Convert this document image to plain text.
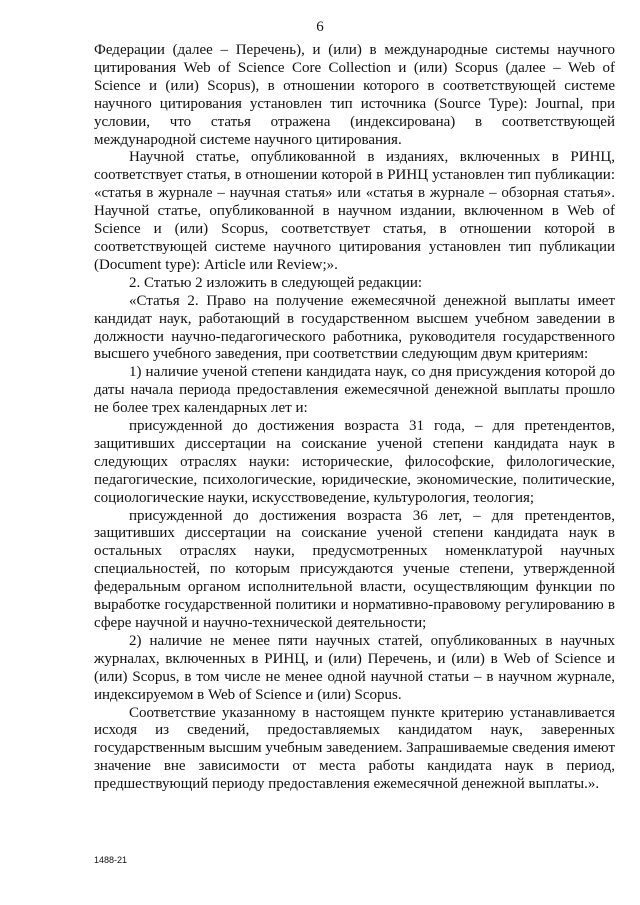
6

Федерации (далее – Перечень), и (или) в международные системы научного цитирования Web of Science Core Collection и (или) Scopus (далее – Web of Science и (или) Scopus), в отношении которого в соответствующей системе научного цитирования установлен тип источника (Source Type): Journal, при условии, что статья отражена (индексирована) в соответствующей международной системе научного цитирования.

Научной статье, опубликованной в изданиях, включенных в РИНЦ, соответствует статья, в отношении которой в РИНЦ установлен тип публикации: «статья в журнале – научная статья» или «статья в журнале – обзорная статья». Научной статье, опубликованной в научном издании, включенном в Web of Science и (или) Scopus, соответствует статья, в отношении которой в соответствующей системе научного цитирования установлен тип публикации (Document type): Article или Review;».

2. Статью 2 изложить в следующей редакции:

«Статья 2. Право на получение ежемесячной денежной выплаты имеет кандидат наук, работающий в государственном высшем учебном заведении в должности научно-педагогического работника, руководителя государственного высшего учебного заведения, при соответствии следующим двум критериям:

1) наличие ученой степени кандидата наук, со дня присуждения которой до даты начала периода предоставления ежемесячной денежной выплаты прошло не более трех календарных лет и:

присужденной до достижения возраста 31 года, – для претендентов, защитивших диссертации на соискание ученой степени кандидата наук в следующих отраслях науки: исторические, философские, филологические, педагогические, психологические, юридические, экономические, политические, социологические науки, искусствоведение, культурология, теология;

присужденной до достижения возраста 36 лет, – для претендентов, защитивших диссертации на соискание ученой степени кандидата наук в остальных отраслях науки, предусмотренных номенклатурой научных специальностей, по которым присуждаются ученые степени, утвержденной федеральным органом исполнительной власти, осуществляющим функции по выработке государственной политики и нормативно-правовому регулированию в сфере научной и научно-технической деятельности;

2) наличие не менее пяти научных статей, опубликованных в научных журналах, включенных в РИНЦ, и (или) Перечень, и (или) в Web of Science и (или) Scopus, в том числе не менее одной научной статьи – в научном журнале, индексируемом в Web of Science и (или) Scopus.

Соответствие указанному в настоящем пункте критерию устанавливается исходя из сведений, предоставляемых кандидатом наук, заверенных государственным высшим учебным заведением. Запрашиваемые сведения имеют значение вне зависимости от места работы кандидата наук в период, предшествующий периоду предоставления ежемесячной денежной выплаты.».

1488-21
